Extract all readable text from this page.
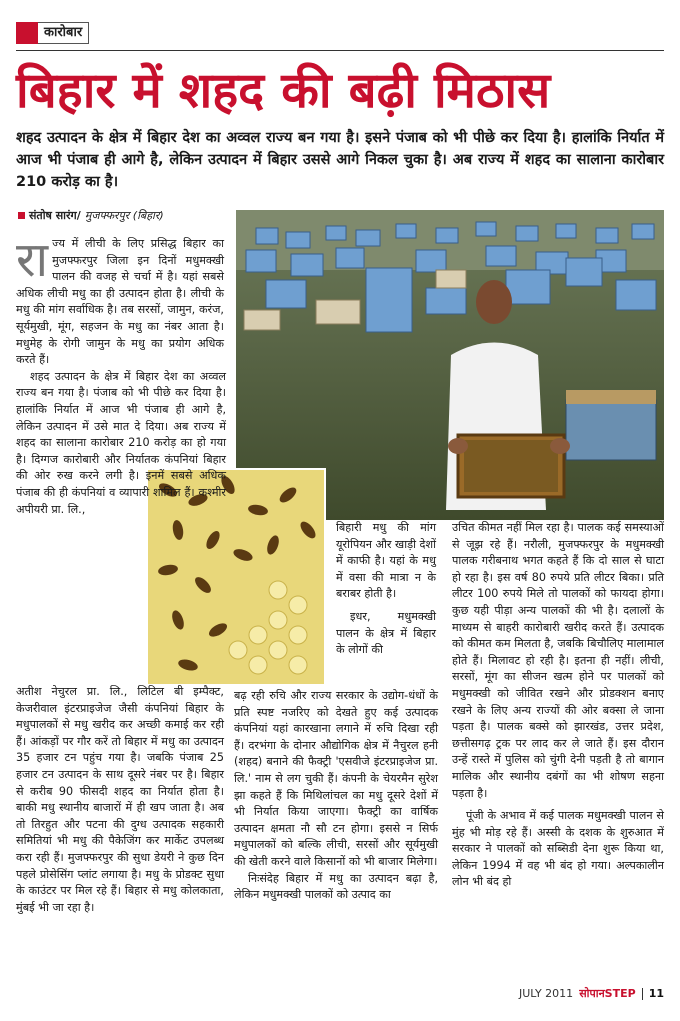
कारोबार
बिहार में शहद की बढ़ी मिठास
शहद उत्पादन के क्षेत्र में बिहार देश का अव्वल राज्य बन गया है। इसने पंजाब को भी पीछे कर दिया है। हालांकि निर्यात में आज भी पंजाब ही आगे है, लेकिन उत्पादन में बिहार उससे आगे निकल चुका है। अब राज्य में शहद का सालाना कारोबार 210 करोड़ का है।
संतोष सारंग/ मुजफ्फरपुर (बिहार)

राज्य में लीची के लिए प्रसिद्ध बिहार का मुजफ्फरपुर जिला इन दिनों मधुमक्खी पालन की वजह से चर्चा में है। यहां सबसे अधिक लीची मधु का ही उत्पादन होता है। लीची के मधु की मांग सर्वाधिक है। तब सरसों, जामुन, करंज, सूर्यमुखी, मूंग, सहजन के मधु का नंबर आता है। मधुमेह के रोगी जामुन के मधु का प्रयोग अधिक करते हैं।

शहद उत्पादन के क्षेत्र में बिहार देश का अव्वल राज्य बन गया है। पंजाब को भी पीछे कर दिया है। हालांकि निर्यात में आज भी पंजाब ही आगे है, लेकिन उत्पादन में उसे मात दे दिया। अब राज्य में शहद का सालाना कारोबार 210 करोड़ का हो गया है। दिग्गज कारोबारी और निर्यातक कंपनियां बिहार की ओर रुख करने लगी है। इनमें सबसे अधिक पंजाब की ही कंपनियां व व्यापारी शामिल हैं। कश्मीर अपीयरी प्रा. लि.,

अतीश नेचुरल प्रा. लि., लिटिल बी इम्पैक्ट, केजरीवाल इंटरप्राइजेज जैसी कंपनियां बिहार के मधुपालकों से मधु खरीद कर अच्छी कमाई कर रही हैं। आंकड़ों पर गौर करें तो बिहार में मधु का उत्पादन 35 हजार टन पहुंच गया है। जबकि पंजाब 25 हजार टन उत्पादन के साथ दूसरे नंबर पर है। बिहार से करीब 90 फीसदी शहद का निर्यात होता है। बाकी मधु स्थानीय बाजारों में ही खप जाता है। अब तो तिरहुत और पटना की दुग्ध उत्पादक सहकारी समितियां भी मधु की पैकेजिंग कर मार्केट उपलब्ध करा रही हैं। मुजफ्फरपुर की सुधा डेयरी ने कुछ दिन पहले प्रोसेसिंग प्लांट लगाया है। मधु के प्रोडक्ट सुधा के काउंटर पर मिल रहे हैं। बिहार से मधु कोलकाता, मुंबई भी जा रहा है।

बिहारी मधु की मांग यूरोपियन और खाड़ी देशों में काफी है। यहां के मधु में वसा की मात्रा न के बराबर होती है।

इधर, मधुमक्खी पालन के क्षेत्र में बिहार के लोगों की

बढ़ रही रुचि और राज्य सरकार के उद्योग-धंधों के प्रति स्पष्ट नजरिए को देखते हुए कई उत्पादक कंपनियां यहां कारखाना लगाने में रुचि दिखा रही हैं। दरभंगा के दोनार औद्योगिक क्षेत्र में नैचुरल हनी (शहद) बनाने की फैक्ट्री 'एसवीजे इंटरप्राइजेज प्रा. लि.' नाम से लग चुकी हैं। कंपनी के चेयरमैन सुरेश झा कहते हैं कि मिथिलांचल का मधु दूसरे देशों में भी निर्यात किया जाएगा। फैक्ट्री का वार्षिक उत्पादन क्षमता नौ सौ टन होगा। इससे न सिर्फ मधुपालकों को बल्कि लीची, सरसों और सूर्यमुखी की खेती करने वाले किसानों को भी बाजार मिलेगा।

निःसंदेह बिहार में मधु का उत्पादन बढ़ा है, लेकिन मधुमक्खी पालकों को उत्पाद का

उचित कीमत नहीं मिल रहा है। पालक कई समस्याओं से जूझ रहे हैं। नरौली, मुजफ्फरपुर के मधुमक्खी पालक गरीबनाथ भगत कहते हैं कि दो साल से घाटा हो रहा है। इस वर्ष 80 रुपये प्रति लीटर बिका। प्रति लीटर 100 रुपये मिले तो पालकों को फायदा होगा। कुछ यही पीड़ा अन्य पालकों की भी है। दलालों के माध्यम से बाहरी कारोबारी खरीद करते हैं। उत्पादक को कीमत कम मिलता है, जबकि बिचौलिए मालामाल होते हैं। मिलावट हो रही है। इतना ही नहीं। लीची, सरसों, मूंग का सीजन खत्म होने पर पालकों को मधुमक्खी को जीवित रखने और प्रोडक्शन बनाए रखने के लिए अन्य राज्यों की ओर बक्सा ले जाना पड़ता है। पालक बक्से को झारखंड, उत्तर प्रदेश, छत्तीसगढ़ ट्रक पर लाद कर ले जाते हैं। इस दौरान उन्हें रास्ते में पुलिस को चुंगी देनी पड़ती है तो बागान मालिक और स्थानीय दबंगों का भी शोषण सहना पड़ता है।

पूंजी के अभाव में कई पालक मधुमक्खी पालन से मुंह भी मोड़ रहे हैं। अस्सी के दशक के शुरुआत में सरकार ने पालकों को सब्सिडी देना शुरू किया था, लेकिन 1994 में वह भी बंद हो गया। अल्पकालीन लोन भी बंद हो

JULY 2011 सोपानSTEP 11
